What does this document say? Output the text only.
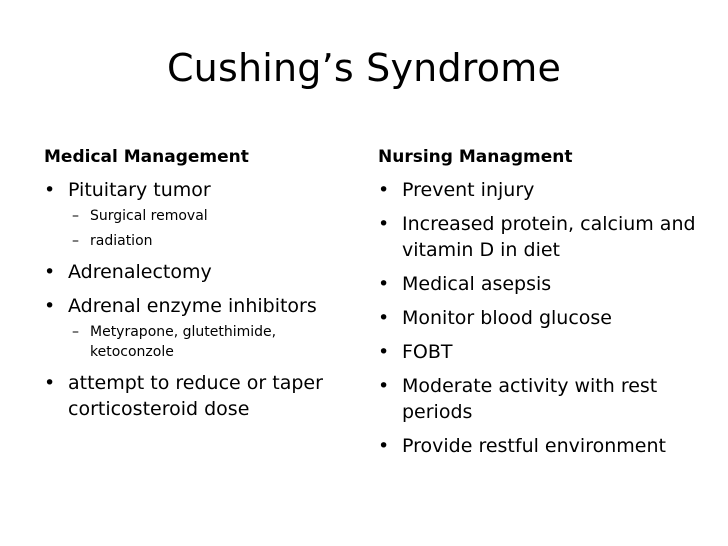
Cushing’s Syndrome
Medical Management
• Pituitary tumor
– Surgical removal
– radiation
• Adrenalectomy
• Adrenal enzyme inhibitors
– Metyrapone, glutethimide, ketoconzole
• attempt to reduce or taper corticosteroid dose
Nursing Managment
• Prevent injury
• Increased protein, calcium and vitamin D in diet
• Medical asepsis
• Monitor blood glucose
• FOBT
• Moderate activity with rest periods
• Provide restful environment
